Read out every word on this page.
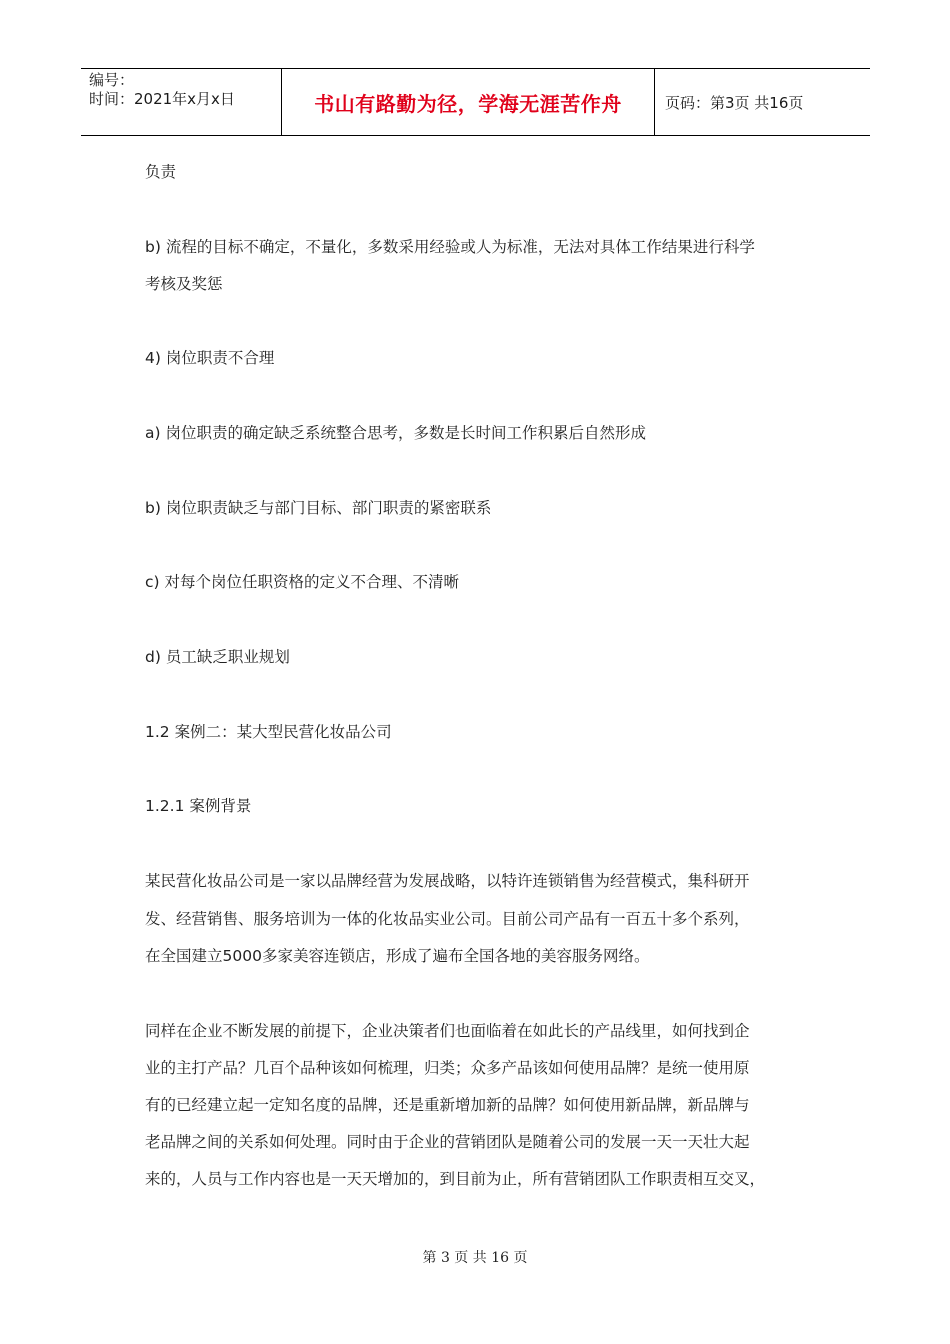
编号：
时间：2021年x月x日	书山有路勤为径，学海无涯苦作舟	页码：第3页 共16页
负责
b) 流程的目标不确定，不量化，多数采用经验或人为标准，无法对具体工作结果进行科学
考核及奖惩
4) 岗位职责不合理
a) 岗位职责的确定缺乏系统整合思考，多数是长时间工作积累后自然形成
b) 岗位职责缺乏与部门目标、部门职责的紧密联系
c) 对每个岗位任职资格的定义不合理、不清晰
d) 员工缺乏职业规划
1.2 案例二：某大型民营化妆品公司
1.2.1 案例背景
某民营化妆品公司是一家以品牌经营为发展战略，以特许连锁销售为经营模式，集科研开
发、经营销售、服务培训为一体的化妆品实业公司。目前公司产品有一百五十多个系列，
在全国建立5000多家美容连锁店，形成了遍布全国各地的美容服务网络。
同样在企业不断发展的前提下，企业决策者们也面临着在如此长的产品线里，如何找到企
业的主打产品？几百个品种该如何梳理，归类；众多产品该如何使用品牌？是统一使用原
有的已经建立起一定知名度的品牌，还是重新增加新的品牌？如何使用新品牌，新品牌与
老品牌之间的关系如何处理。同时由于企业的营销团队是随着公司的发展一天一天壮大起
来的，人员与工作内容也是一天天增加的，到目前为止，所有营销团队工作职责相互交叉，
第 3 页 共 16 页
